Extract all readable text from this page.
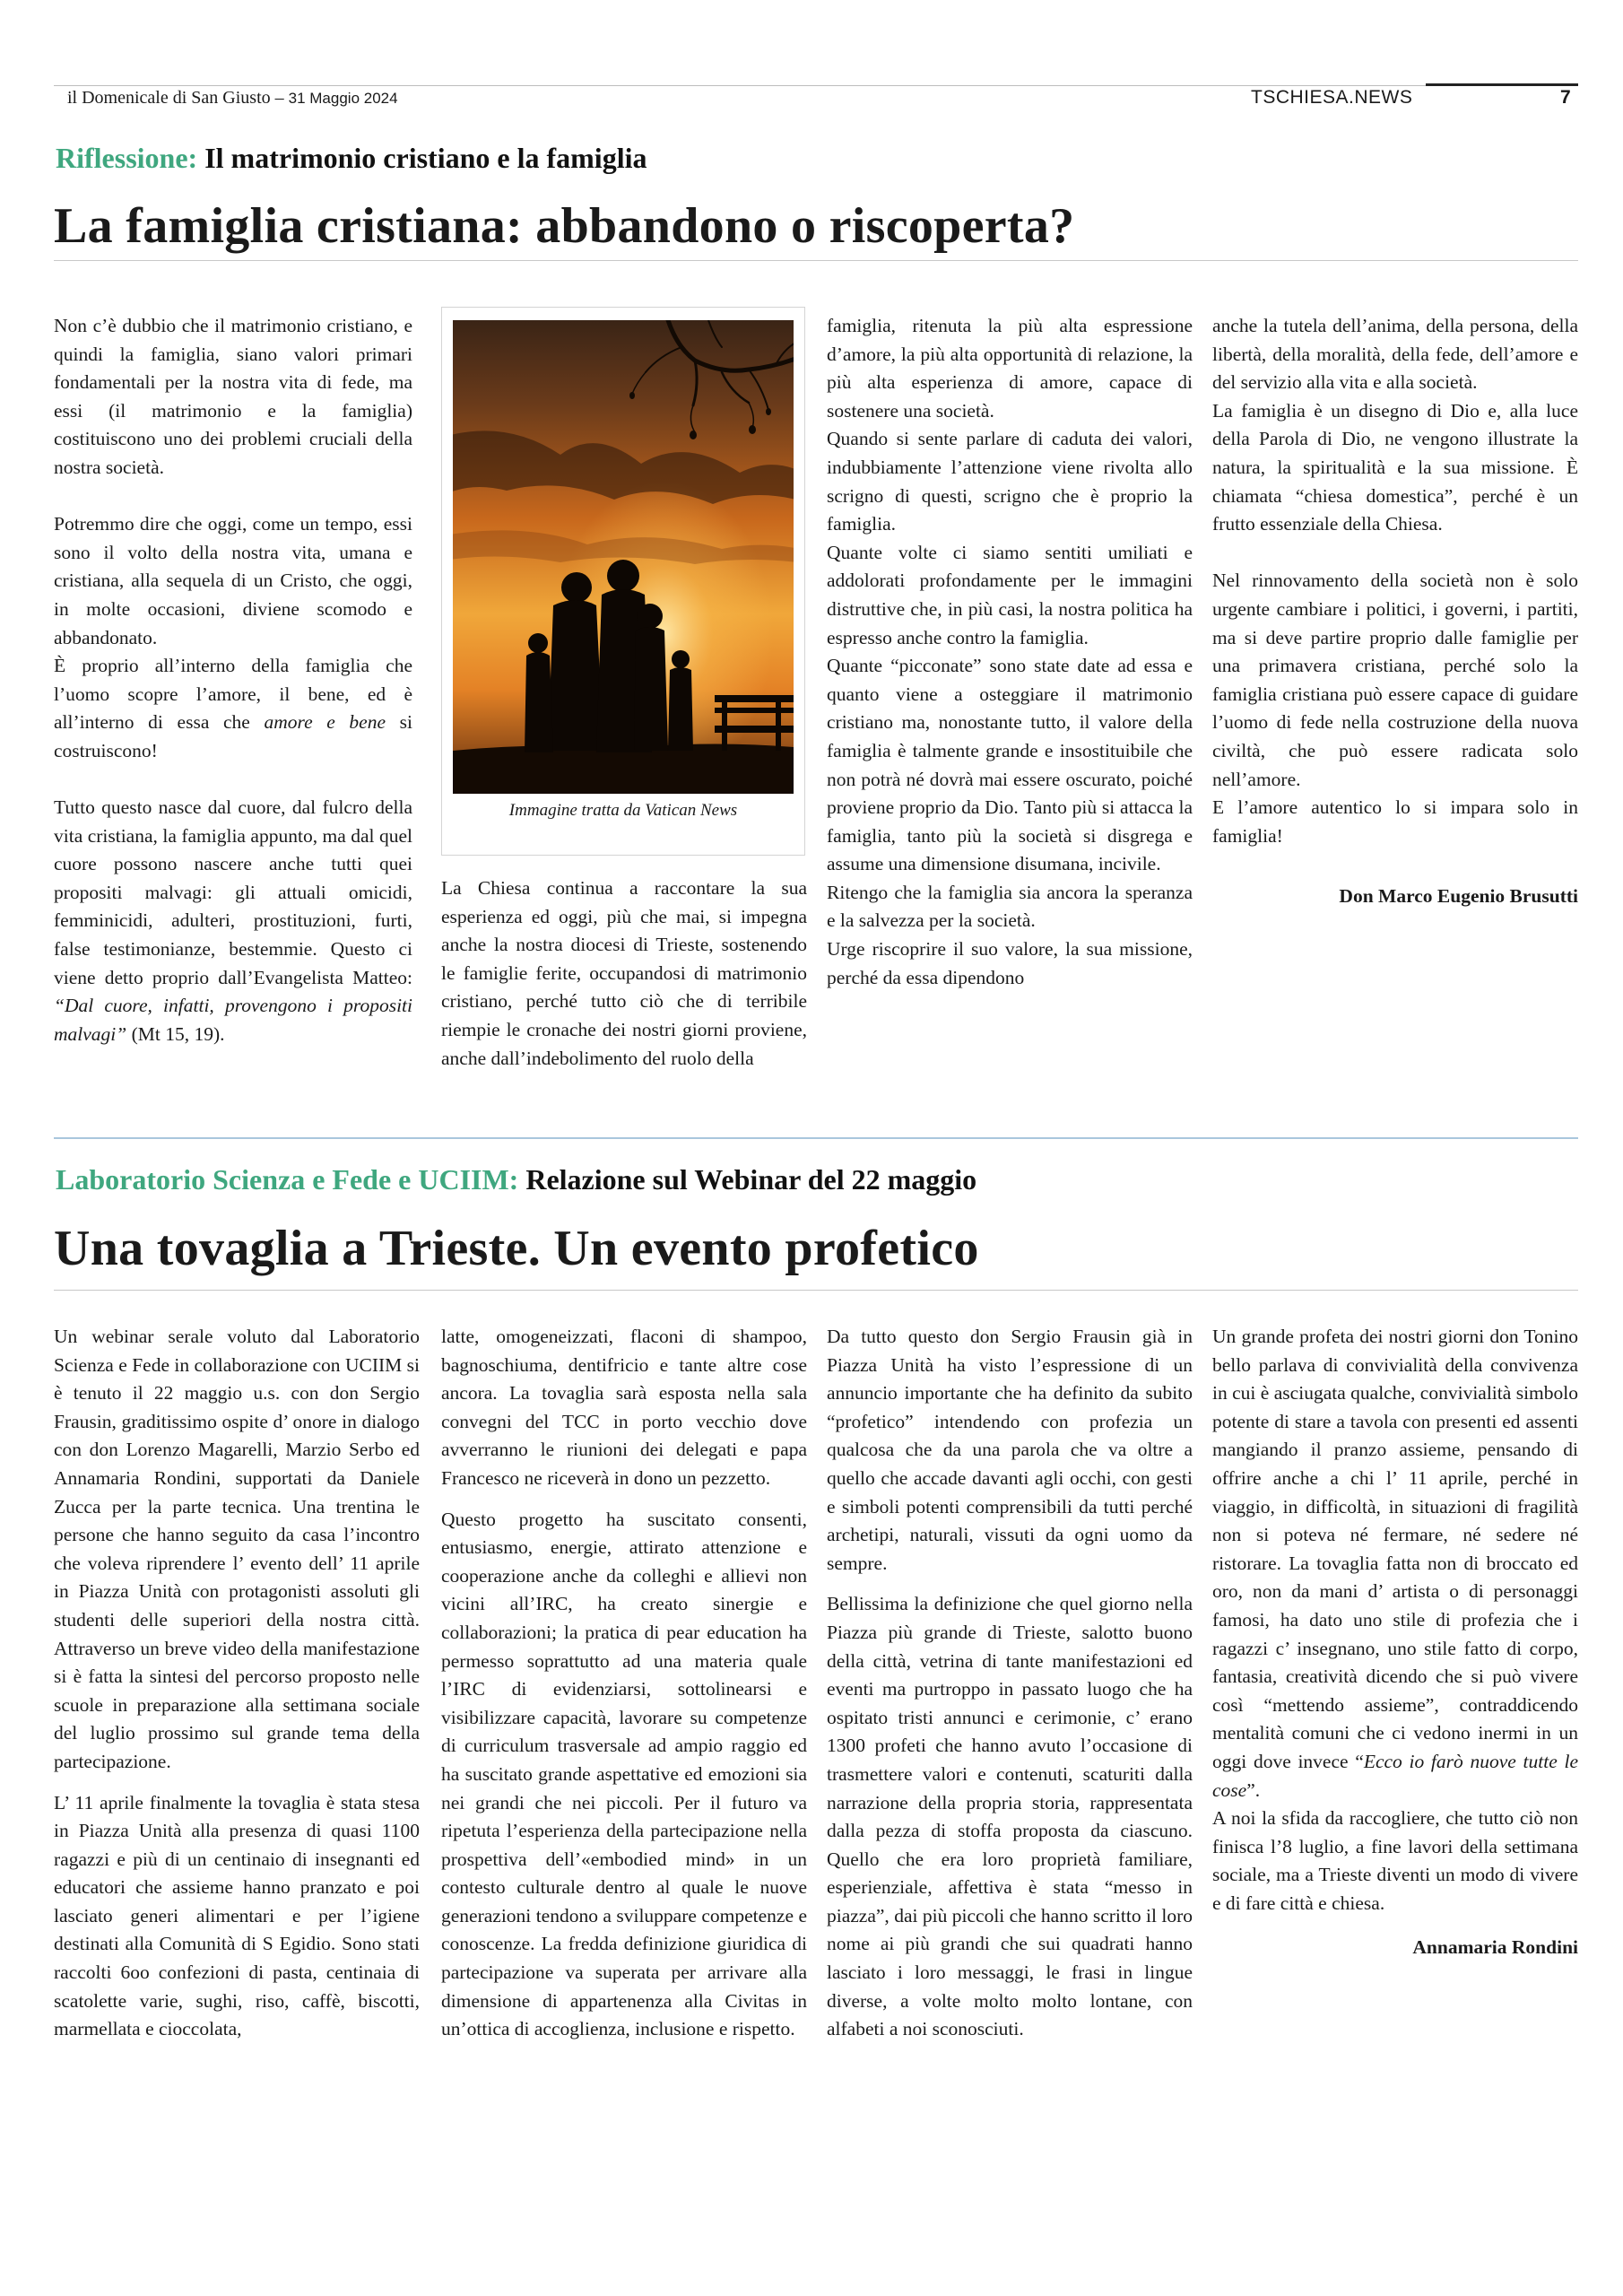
il Domenicale di San Giusto – 31 Maggio 2024	TSCHIESA.NEWS	7
Riflessione: Il matrimonio cristiano e la famiglia
La famiglia cristiana: abbandono o riscoperta?

Non c’è dubbio che il matrimonio cristiano, e quindi la famiglia, siano valori primari fondamentali per la nostra vita di fede, ma essi (il matrimonio e la famiglia) costituiscono uno dei problemi cruciali della nostra società.

Potremmo dire che oggi, come un tempo, essi sono il volto della nostra vita, umana e cristiana, alla sequela di un Cristo, che oggi, in molte occasioni, diviene scomodo e abbandonato.

È proprio all’interno della famiglia che l’uomo scopre l’amore, il bene, ed è all’interno di essa che amore e bene si costruiscono!

Tutto questo nasce dal cuore, dal fulcro della vita cristiana, la famiglia appunto, ma dal quel cuore possono nascere anche tutti quei propositi malvagi: gli attuali omicidi, femminicidi, adulteri, prostituzioni, furti, false testimonianze, bestemmie. Questo ci viene detto proprio dall’Evangelista Matteo: “Dal cuore, infatti, provengono i propositi malvagi” (Mt 15, 19).

Immagine tratta da Vatican News

La Chiesa continua a raccontare la sua esperienza ed oggi, più che mai, si impegna anche la nostra diocesi di Trieste, sostenendo le famiglie ferite, occupandosi di matrimonio cristiano, perché tutto ciò che di terribile riempie le cronache dei nostri giorni proviene, anche dall’indebolimento del ruolo della

famiglia, ritenuta la più alta espressione d’amore, la più alta opportunità di relazione, la più alta esperienza di amore, capace di sostenere una società.

Quando si sente parlare di caduta dei valori, indubbiamente l’attenzione viene rivolta allo scrigno di questi, scrigno che è proprio la famiglia.

Quante volte ci siamo sentiti umiliati e addolorati profondamente per le immagini distruttive che, in più casi, la nostra politica ha espresso anche contro la famiglia.

Quante “picconate” sono state date ad essa e quanto viene a osteggiare il matrimonio cristiano ma, nonostante tutto, il valore della famiglia è talmente grande e insostituibile che non potrà né dovrà mai essere oscurato, poiché proviene proprio da Dio. Tanto più si attacca la famiglia, tanto più la società si disgrega e assume una dimensione disumana, incivile.

Ritengo che la famiglia sia ancora la speranza e la salvezza per la società.

Urge riscoprire il suo valore, la sua missione, perché da essa dipendono

anche la tutela dell’anima, della persona, della libertà, della moralità, della fede, dell’amore e del servizio alla vita e alla società.

La famiglia è un disegno di Dio e, alla luce della Parola di Dio, ne vengono illustrate la natura, la spiritualità e la sua missione. È chiamata “chiesa domestica”, perché è un frutto essenziale della Chiesa.

Nel rinnovamento della società non è solo urgente cambiare i politici, i governi, i partiti, ma si deve partire proprio dalle famiglie per una primavera cristiana, perché solo la famiglia cristiana può essere capace di guidare l’uomo di fede nella costruzione della nuova civiltà, che può essere radicata solo nell’amore.

E l’amore autentico lo si impara solo in famiglia!

Don Marco Eugenio Brusutti

Laboratorio Scienza e Fede e UCIIM: Relazione sul Webinar del 22 maggio
Una tovaglia a Trieste. Un evento profetico

Un webinar serale voluto dal Laboratorio Scienza e Fede in collaborazione con UCIIM si è tenuto il 22 maggio u.s. con don Sergio Frausin, graditissimo ospite d’ onore in dialogo con don Lorenzo Magarelli, Marzio Serbo ed Annamaria Rondini, supportati da Daniele Zucca per la parte tecnica. Una trentina le persone che hanno seguito da casa l’incontro che voleva riprendere l’ evento dell’ 11 aprile in Piazza Unità con protagonisti assoluti gli studenti delle superiori della nostra città. Attraverso un breve video della manifestazione si è fatta la sintesi del percorso proposto nelle scuole in preparazione alla settimana sociale del luglio prossimo sul grande tema della partecipazione.

L’ 11 aprile finalmente la tovaglia è stata stesa in Piazza Unità alla presenza di quasi 1100 ragazzi e più di un centinaio di insegnanti ed educatori che assieme hanno pranzato e poi lasciato generi alimentari e per l’igiene destinati alla Comunità di S Egidio. Sono stati raccolti 6oo confezioni di pasta, centinaia di scatolette varie, sughi, riso, caffè, biscotti, marmellata e cioccolata,

latte, omogeneizzati, flaconi di shampoo, bagnoschiuma, dentifricio e tante altre cose ancora. La tovaglia sarà esposta nella sala convegni del TCC in porto vecchio dove avverranno le riunioni dei delegati e papa Francesco ne riceverà in dono un pezzetto.

Questo progetto ha suscitato consenti, entusiasmo, energie, attirato attenzione e cooperazione anche da colleghi e allievi non vicini all’IRC, ha creato sinergie e collaborazioni; la pratica di pear education ha permesso soprattutto ad una materia quale l’IRC di evidenziarsi, sottolinearsi e visibilizzare capacità, lavorare su competenze di curriculum trasversale ad ampio raggio ed ha suscitato grande aspettative ed emozioni sia nei grandi che nei piccoli. Per il futuro va ripetuta l’esperienza della partecipazione nella prospettiva dell’«embodied mind» in un contesto culturale dentro al quale le nuove generazioni tendono a sviluppare competenze e conoscenze. La fredda definizione giuridica di partecipazione va superata per arrivare alla dimensione di appartenenza alla Civitas in un’ottica di accoglienza, inclusione e rispetto.

Da tutto questo don Sergio Frausin già in Piazza Unità ha visto l’espressione di un annuncio importante che ha definito da subito “profetico” intendendo con profezia un qualcosa che da una parola che va oltre a quello che accade davanti agli occhi, con gesti e simboli potenti comprensibili da tutti perché archetipi, naturali, vissuti da ogni uomo da sempre.

Bellissima la definizione che quel giorno nella Piazza più grande di Trieste, salotto buono della città, vetrina di tante manifestazioni ed eventi ma purtroppo in passato luogo che ha ospitato tristi annunci e cerimonie, c’ erano 1300 profeti che hanno avuto l’occasione di trasmettere valori e contenuti, scaturiti dalla narrazione della propria storia, rappresentata dalla pezza di stoffa proposta da ciascuno. Quello che era loro proprietà familiare, esperienziale, affettiva è stata “messo in piazza”, dai più piccoli che hanno scritto il loro nome ai più grandi che sui quadrati hanno lasciato i loro messaggi, le frasi in lingue diverse, a volte molto molto lontane, con alfabeti a noi sconosciuti.

Un grande profeta dei nostri giorni don Tonino bello parlava di convivialità della convivenza in cui è asciugata qualche, convivialità simbolo potente di stare a tavola con presenti ed assenti mangiando il pranzo assieme, pensando di offrire anche a chi l’ 11 aprile, perché in viaggio, in difficoltà, in situazioni di fragilità non si poteva né fermare, né sedere né ristorare. La tovaglia fatta non di broccato ed oro, non da mani d’ artista o di personaggi famosi, ha dato uno stile di profezia che i ragazzi c’ insegnano, uno stile fatto di corpo, fantasia, creatività dicendo che si può vivere così “mettendo assieme”, contraddicendo mentalità comuni che ci vedono inermi in un oggi dove invece “Ecco io farò nuove tutte le cose”.

A noi la sfida da raccogliere, che tutto ciò non finisca l’8 luglio, a fine lavori della settimana sociale, ma a Trieste diventi un modo di vivere e di fare città e chiesa.

Annamaria Rondini
